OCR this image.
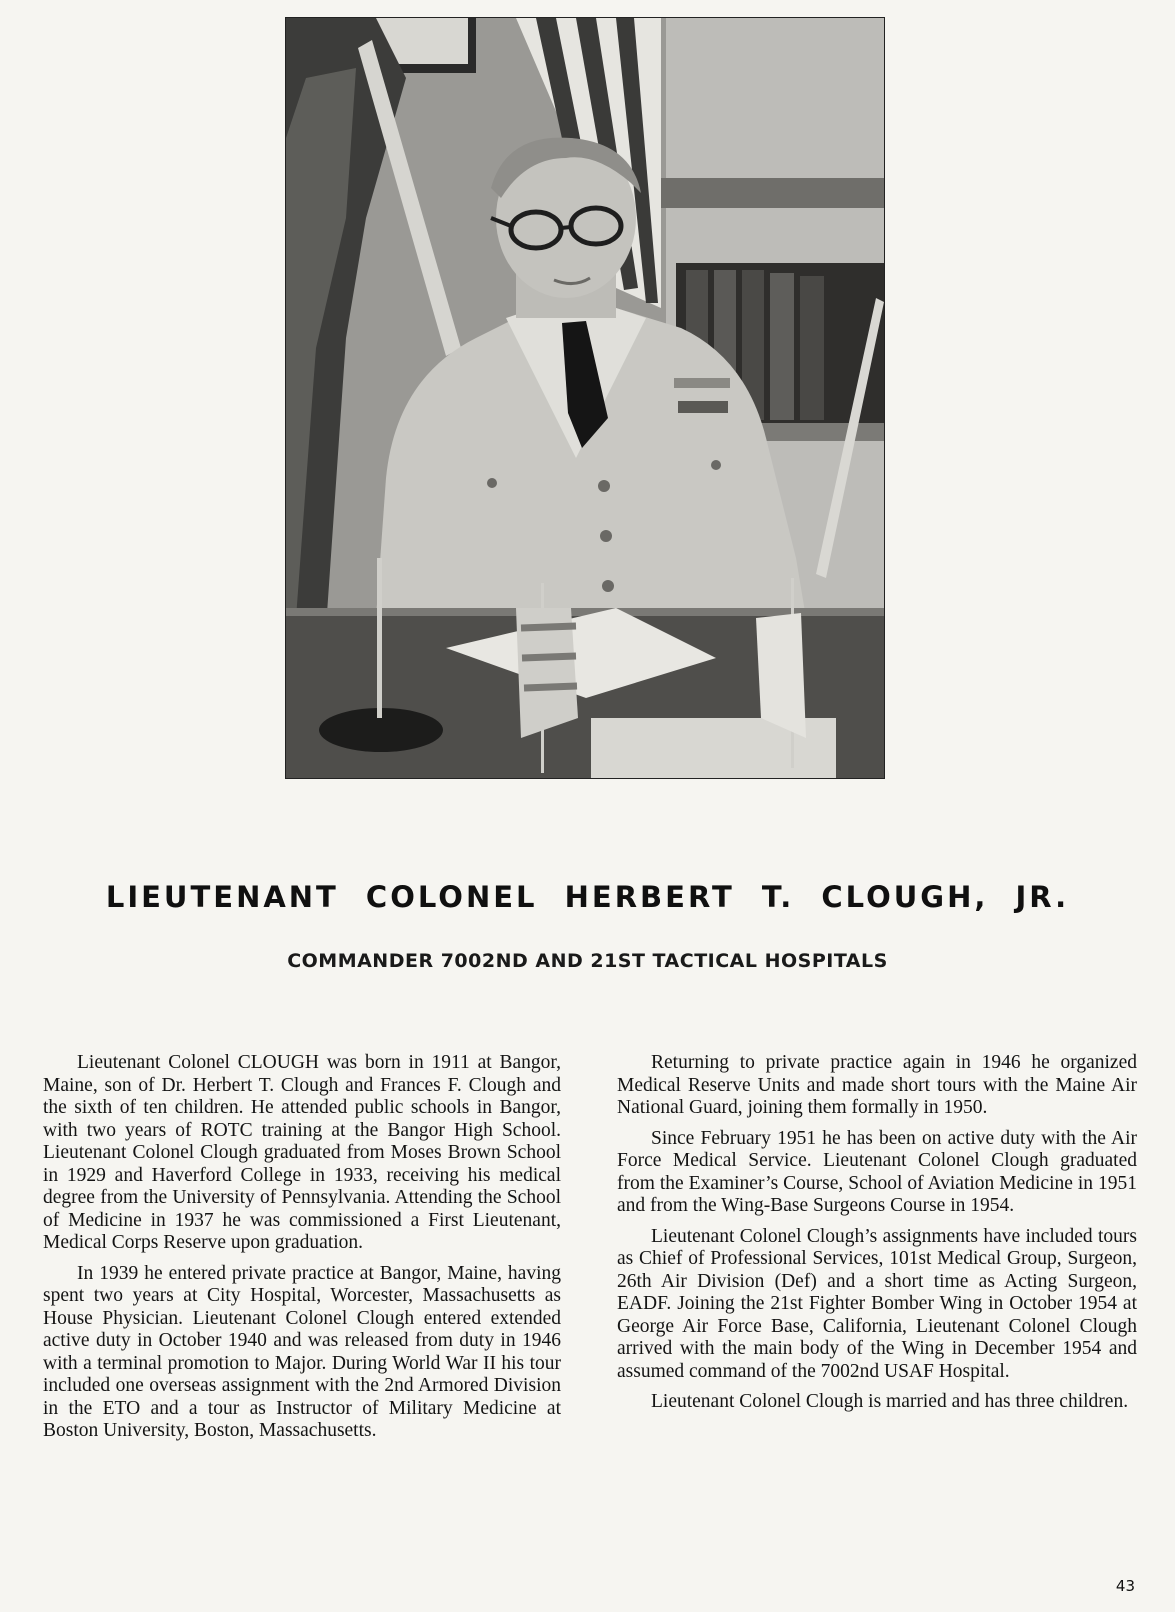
LIEUTENANT COLONEL HERBERT T. CLOUGH, JR.
COMMANDER 7002ND AND 21ST TACTICAL HOSPITALS

Lieutenant Colonel CLOUGH was born in 1911 at Bangor, Maine, son of Dr. Herbert T. Clough and Frances F. Clough and the sixth of ten children. He attended public schools in Bangor, with two years of ROTC training at the Bangor High School. Lieutenant Colonel Clough graduated from Moses Brown School in 1929 and Haverford College in 1933, receiving his medical degree from the University of Pennsylvania. Attending the School of Medicine in 1937 he was commissioned a First Lieutenant, Medical Corps Reserve upon graduation.

In 1939 he entered private practice at Bangor, Maine, having spent two years at City Hospital, Worcester, Massachusetts as House Physician. Lieutenant Colonel Clough entered extended active duty in October 1940 and was released from duty in 1946 with a terminal promotion to Major. During World War II his tour included one overseas assignment with the 2nd Armored Division in the ETO and a tour as Instructor of Military Medicine at Boston University, Boston, Massachusetts.

Returning to private practice again in 1946 he organized Medical Reserve Units and made short tours with the Maine Air National Guard, joining them formally in 1950.

Since February 1951 he has been on active duty with the Air Force Medical Service. Lieutenant Colonel Clough graduated from the Examiner’s Course, School of Aviation Medicine in 1951 and from the Wing-Base Surgeons Course in 1954.

Lieutenant Colonel Clough’s assignments have included tours as Chief of Professional Services, 101st Medical Group, Surgeon, 26th Air Division (Def) and a short time as Acting Surgeon, EADF. Joining the 21st Fighter Bomber Wing in October 1954 at George Air Force Base, California, Lieutenant Colonel Clough arrived with the main body of the Wing in December 1954 and assumed command of the 7002nd USAF Hospital.

Lieutenant Colonel Clough is married and has three children.

43
